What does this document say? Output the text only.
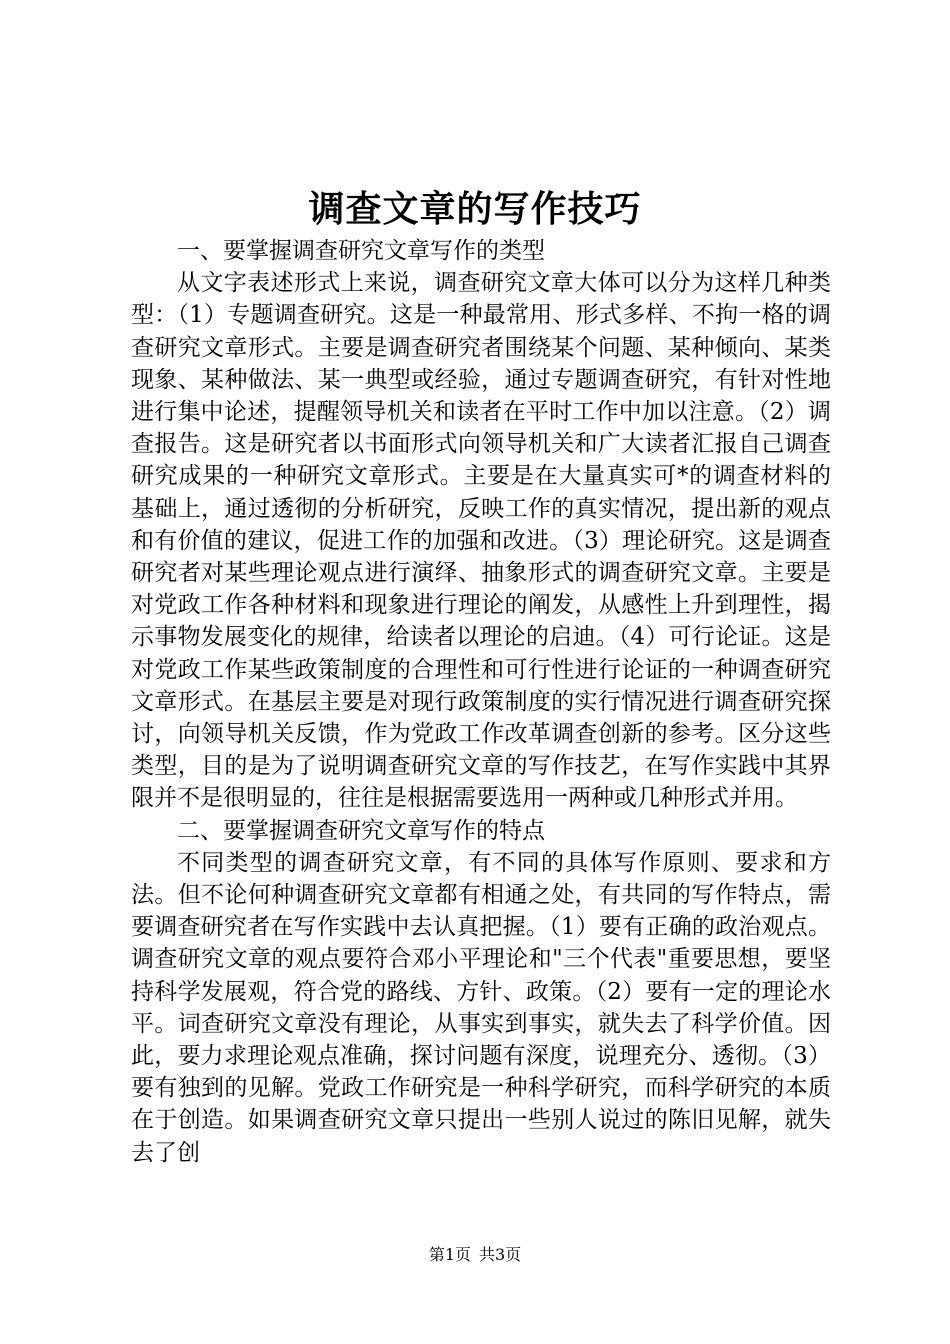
调查文章的写作技巧

一、要掌握调查研究文章写作的类型

从文字表述形式上来说，调查研究文章大体可以分为这样几种类型：（1）专题调查研究。这是一种最常用、形式多样、不拘一格的调查研究文章形式。主要是调查研究者围绕某个问题、某种倾向、某类现象、某种做法、某一典型或经验，通过专题调查研究，有针对性地进行集中论述，提醒领导机关和读者在平时工作中加以注意。（2）调查报告。这是研究者以书面形式向领导机关和广大读者汇报自己调查研究成果的一种研究文章形式。主要是在大量真实可*的调查材料的基础上，通过透彻的分析研究，反映工作的真实情况，提出新的观点和有价值的建议，促进工作的加强和改进。（3）理论研究。这是调查研究者对某些理论观点进行演绎、抽象形式的调查研究文章。主要是对党政工作各种材料和现象进行理论的阐发，从感性上升到理性，揭示事物发展变化的规律，给读者以理论的启迪。（4）可行论证。这是对党政工作某些政策制度的合理性和可行性进行论证的一种调查研究文章形式。在基层主要是对现行政策制度的实行情况进行调查研究探讨，向领导机关反馈，作为党政工作改革调查创新的参考。区分这些类型，目的是为了说明调查研究文章的写作技艺，在写作实践中其界限并不是很明显的，往往是根据需要选用一两种或几种形式并用。

二、要掌握调查研究文章写作的特点

不同类型的调查研究文章，有不同的具体写作原则、要求和方法。但不论何种调查研究文章都有相通之处，有共同的写作特点，需要调查研究者在写作实践中去认真把握。（1）要有正确的政治观点。调查研究文章的观点要符合邓小平理论和"三个代表"重要思想，要坚持科学发展观，符合党的路线、方针、政策。（2）要有一定的理论水平。词查研究文章没有理论，从事实到事实，就失去了科学价值。因此，要力求理论观点准确，探讨问题有深度，说理充分、透彻。（3）要有独到的见解。党政工作研究是一种科学研究，而科学研究的本质在于创造。如果调查研究文章只提出一些别人说过的陈旧见解，就失去了创

第1页 共3页
